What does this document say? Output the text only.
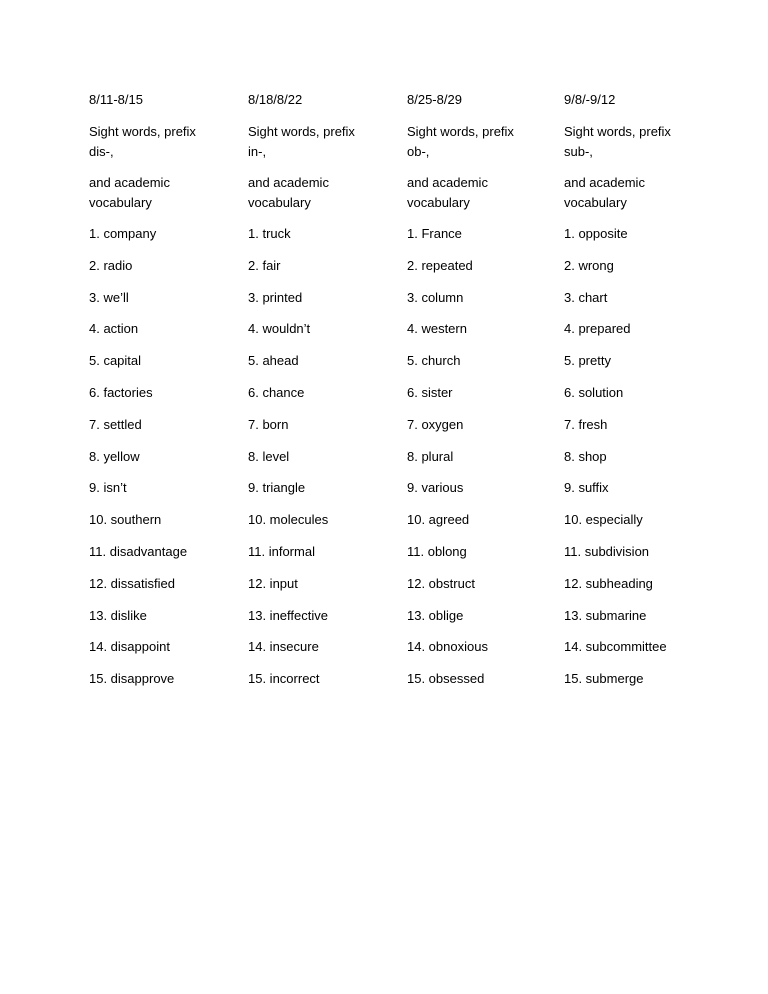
8/11-8/15
Sight words, prefix
dis-,
and academic
vocabulary
1. company
2. radio
3. we’ll
4. action
5. capital
6. factories
7. settled
8. yellow
9. isn’t
10. southern
11. disadvantage
12. dissatisfied
13. dislike
14. disappoint
15. disapprove
8/18/8/22
Sight words, prefix
in-,
and academic
vocabulary
1. truck
2. fair
3. printed
4. wouldn’t
5. ahead
6. chance
7. born
8. level
9. triangle
10. molecules
11. informal
12. input
13. ineffective
14. insecure
15. incorrect
8/25-8/29
Sight words, prefix
ob-,
and academic
vocabulary
1. France
2. repeated
3. column
4. western
5. church
6. sister
7. oxygen
8. plural
9. various
10. agreed
11. oblong
12. obstruct
13. oblige
14. obnoxious
15. obsessed
9/8/-9/12
Sight words, prefix
sub-,
and academic
vocabulary
1. opposite
2. wrong
3. chart
4. prepared
5. pretty
6. solution
7. fresh
8. shop
9. suffix
10. especially
11. subdivision
12. subheading
13. submarine
14. subcommittee
15. submerge
